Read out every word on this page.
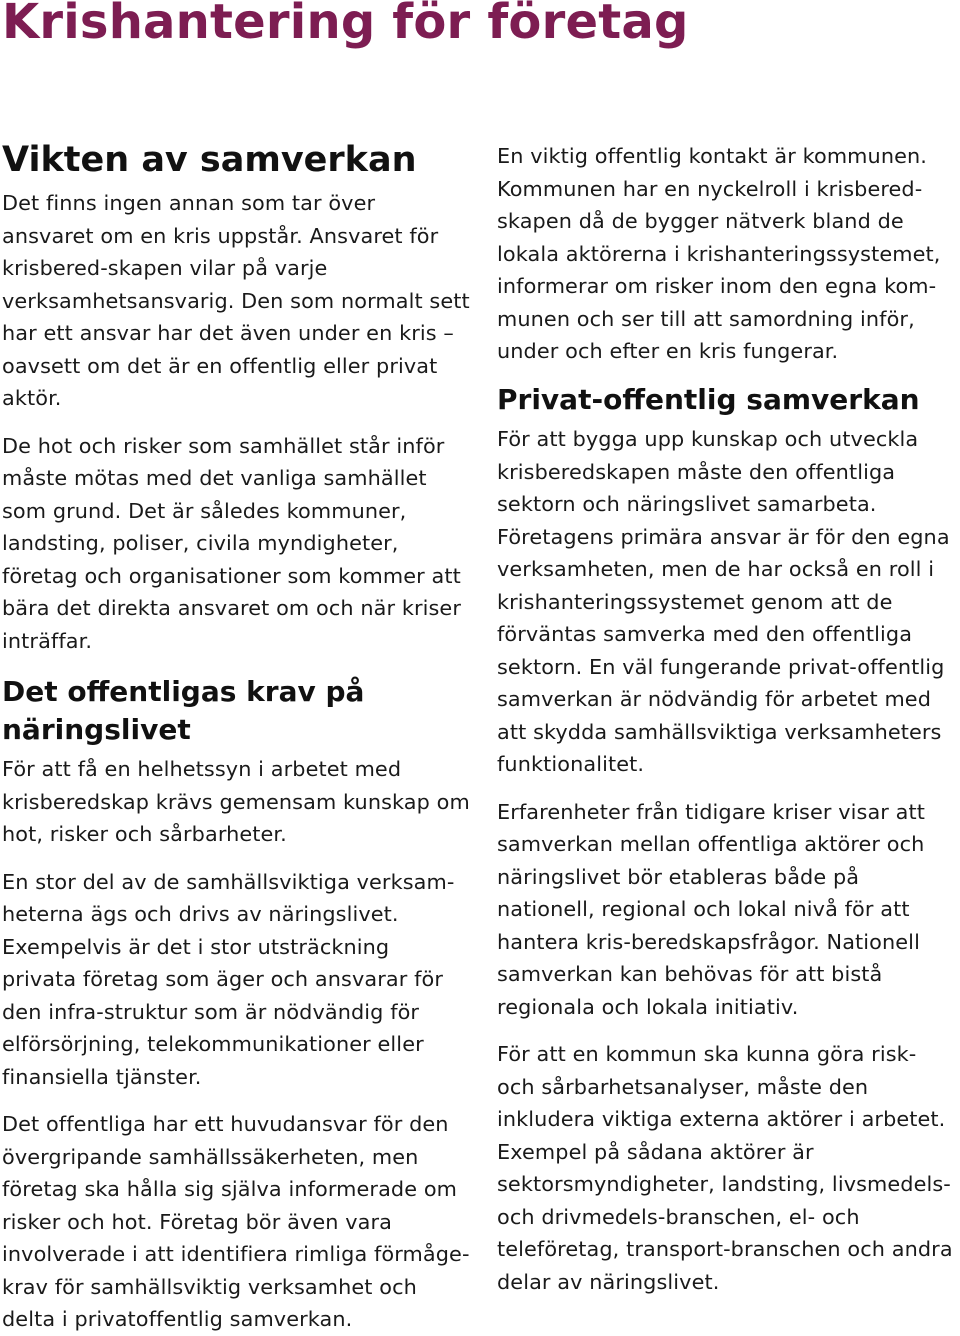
Krishantering för företag
Vikten av samverkan

Det finns ingen annan som tar över ansvaret om en kris uppstår. Ansvaret för krisbered-skapen vilar på varje verksamhetsansvarig. Den som normalt sett har ett ansvar har det även under en kris – oavsett om det är en offentlig eller privat aktör.

De hot och risker som samhället står inför måste mötas med det vanliga samhället som grund. Det är således kommuner, landsting, poliser, civila myndigheter, företag och organisationer som kommer att bära det direkta ansvaret om och när kriser inträffar.

Det offentligas krav på näringslivet

För att få en helhetssyn i arbetet med krisberedskap krävs gemensam kunskap om hot, risker och sårbarheter.

En stor del av de samhällsviktiga verksam-heterna ägs och drivs av näringslivet. Exempelvis är det i stor utsträckning privata företag som äger och ansvarar för den infra-struktur som är nödvändig för elförsörjning, telekommunikationer eller finansiella tjänster.

Det offentliga har ett huvudansvar för den övergripande samhällssäkerheten, men företag ska hålla sig själva informerade om risker och hot. Företag bör även vara involverade i att identifiera rimliga förmåge-krav för samhällsviktig verksamhet och delta i privatoffentlig samverkan.

En viktig offentlig kontakt är kommunen. Kommunen har en nyckelroll i krisbered-skapen då de bygger nätverk bland de lokala aktörerna i krishanteringssystemet, informerar om risker inom den egna kom-munen och ser till att samordning inför, under och efter en kris fungerar.

Privat-offentlig samverkan

För att bygga upp kunskap och utveckla krisberedskapen måste den offentliga sektorn och näringslivet samarbeta. Företagens primära ansvar är för den egna verksamheten, men de har också en roll i krishanteringssystemet genom att de förväntas samverka med den offentliga sektorn. En väl fungerande privat-offentlig samverkan är nödvändig för arbetet med att skydda samhällsviktiga verksamheters funktionalitet.

Erfarenheter från tidigare kriser visar att samverkan mellan offentliga aktörer och näringslivet bör etableras både på nationell, regional och lokal nivå för att hantera kris-beredskapsfrågor. Nationell samverkan kan behövas för att bistå regionala och lokala initiativ.

För att en kommun ska kunna göra risk- och sårbarhetsanalyser, måste den inkludera viktiga externa aktörer i arbetet. Exempel på sådana aktörer är sektorsmyndigheter, landsting, livsmedels- och drivmedels-branschen, el- och teleföretag, transport-branschen och andra delar av näringslivet.
